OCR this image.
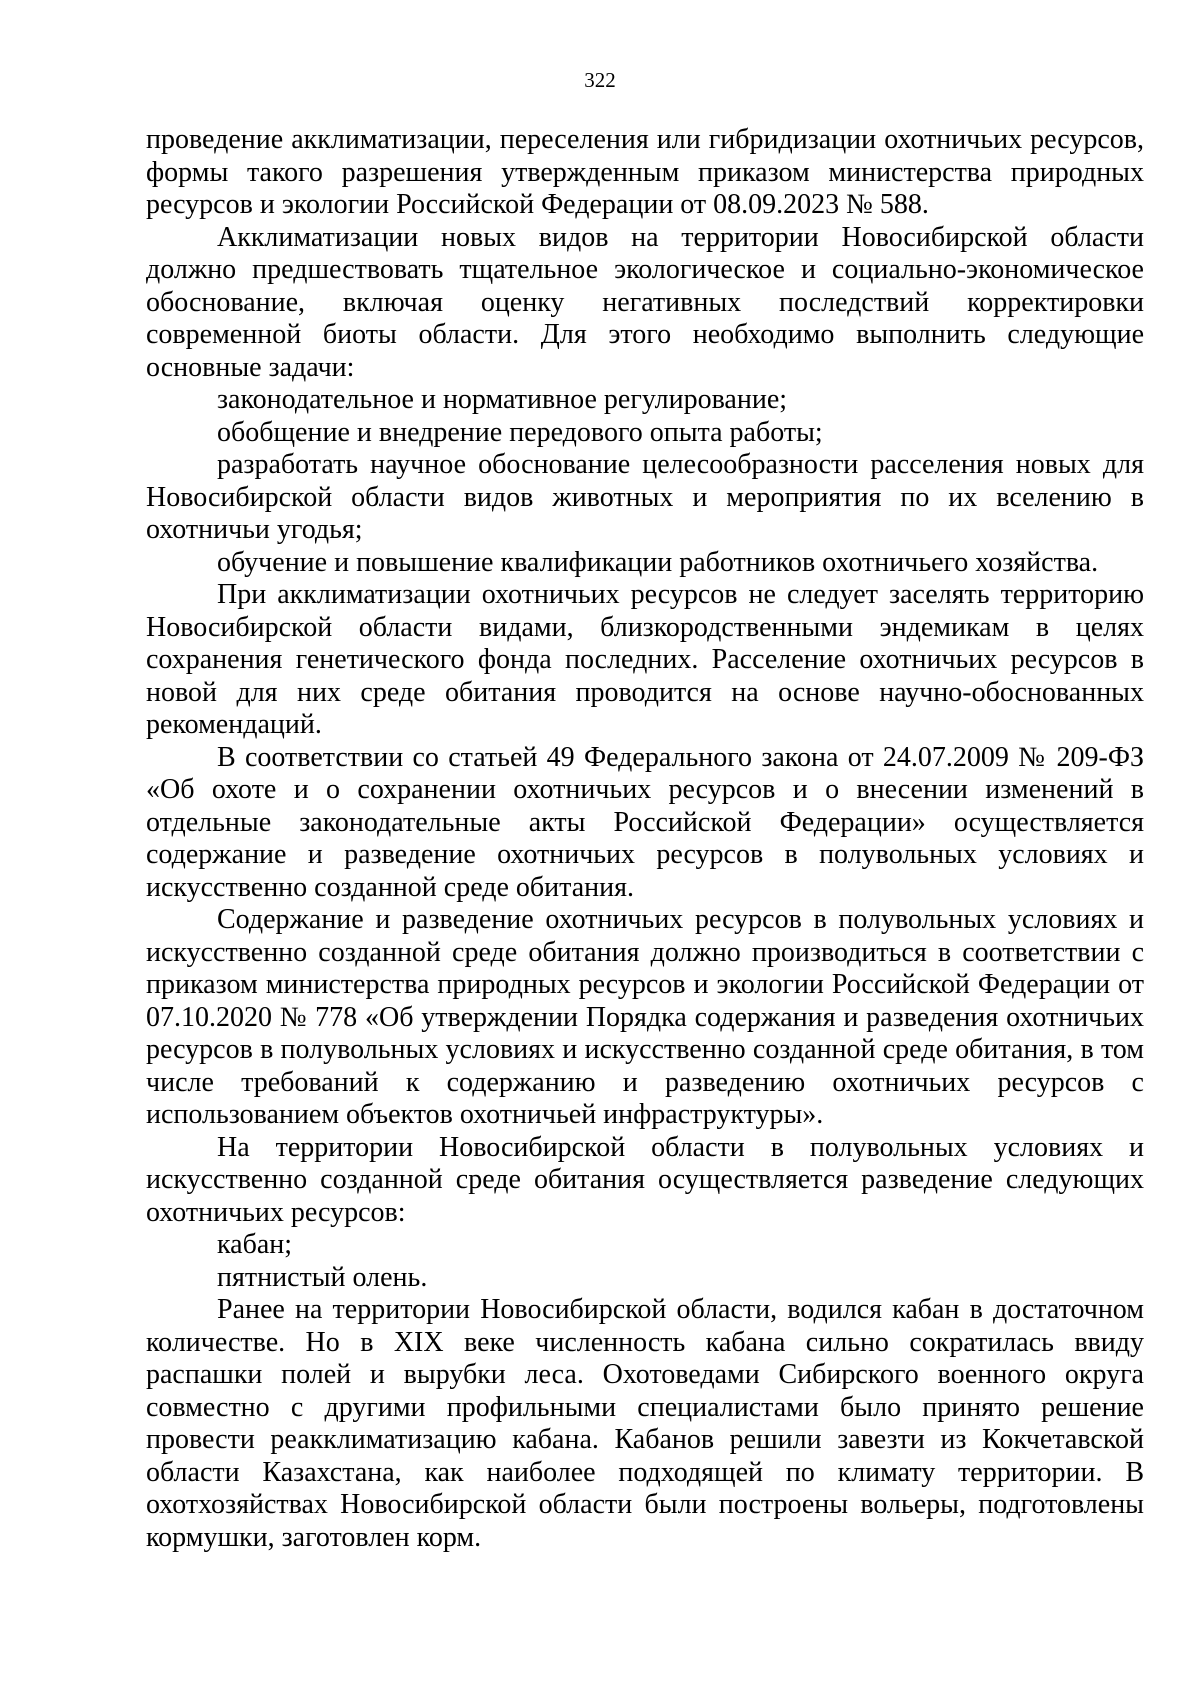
322

проведение акклиматизации, переселения или гибридизации охотничьих ресурсов, формы такого разрешения утвержденным приказом министерства природных ресурсов и экологии Российской Федерации от 08.09.2023 № 588.

Акклиматизации новых видов на территории Новосибирской области должно предшествовать тщательное экологическое и социально-экономическое обоснование, включая оценку негативных последствий корректировки современной биоты области. Для этого необходимо выполнить следующие основные задачи:

законодательное и нормативное регулирование;

обобщение и внедрение передового опыта работы;

разработать научное обоснование целесообразности расселения новых для Новосибирской области видов животных и мероприятия по их вселению в охотничьи угодья;

обучение и повышение квалификации работников охотничьего хозяйства.

При акклиматизации охотничьих ресурсов не следует заселять территорию Новосибирской области видами, близкородственными эндемикам в целях сохранения генетического фонда последних. Расселение охотничьих ресурсов в новой для них среде обитания проводится на основе научно-обоснованных рекомендаций.

В соответствии со статьей 49 Федерального закона от 24.07.2009 № 209-ФЗ «Об охоте и о сохранении охотничьих ресурсов и о внесении изменений в отдельные законодательные акты Российской Федерации» осуществляется содержание и разведение охотничьих ресурсов в полувольных условиях и искусственно созданной среде обитания.

Содержание и разведение охотничьих ресурсов в полувольных условиях и искусственно созданной среде обитания должно производиться в соответствии с приказом министерства природных ресурсов и экологии Российской Федерации от 07.10.2020 № 778 «Об утверждении Порядка содержания и разведения охотничьих ресурсов в полувольных условиях и искусственно созданной среде обитания, в том числе требований к содержанию и разведению охотничьих ресурсов с использованием объектов охотничьей инфраструктуры».

На территории Новосибирской области в полувольных условиях и искусственно созданной среде обитания осуществляется разведение следующих охотничьих ресурсов:

кабан;

пятнистый олень.

Ранее на территории Новосибирской области, водился кабан в достаточном количестве. Но в XIX веке численность кабана сильно сократилась ввиду распашки полей и вырубки леса. Охотоведами Сибирского военного округа совместно с другими профильными специалистами было принято решение провести реакклиматизацию кабана. Кабанов решили завезти из Кокчетавской области Казахстана, как наиболее подходящей по климату территории. В охотхозяйствах Новосибирской области были построены вольеры, подготовлены кормушки, заготовлен корм.
